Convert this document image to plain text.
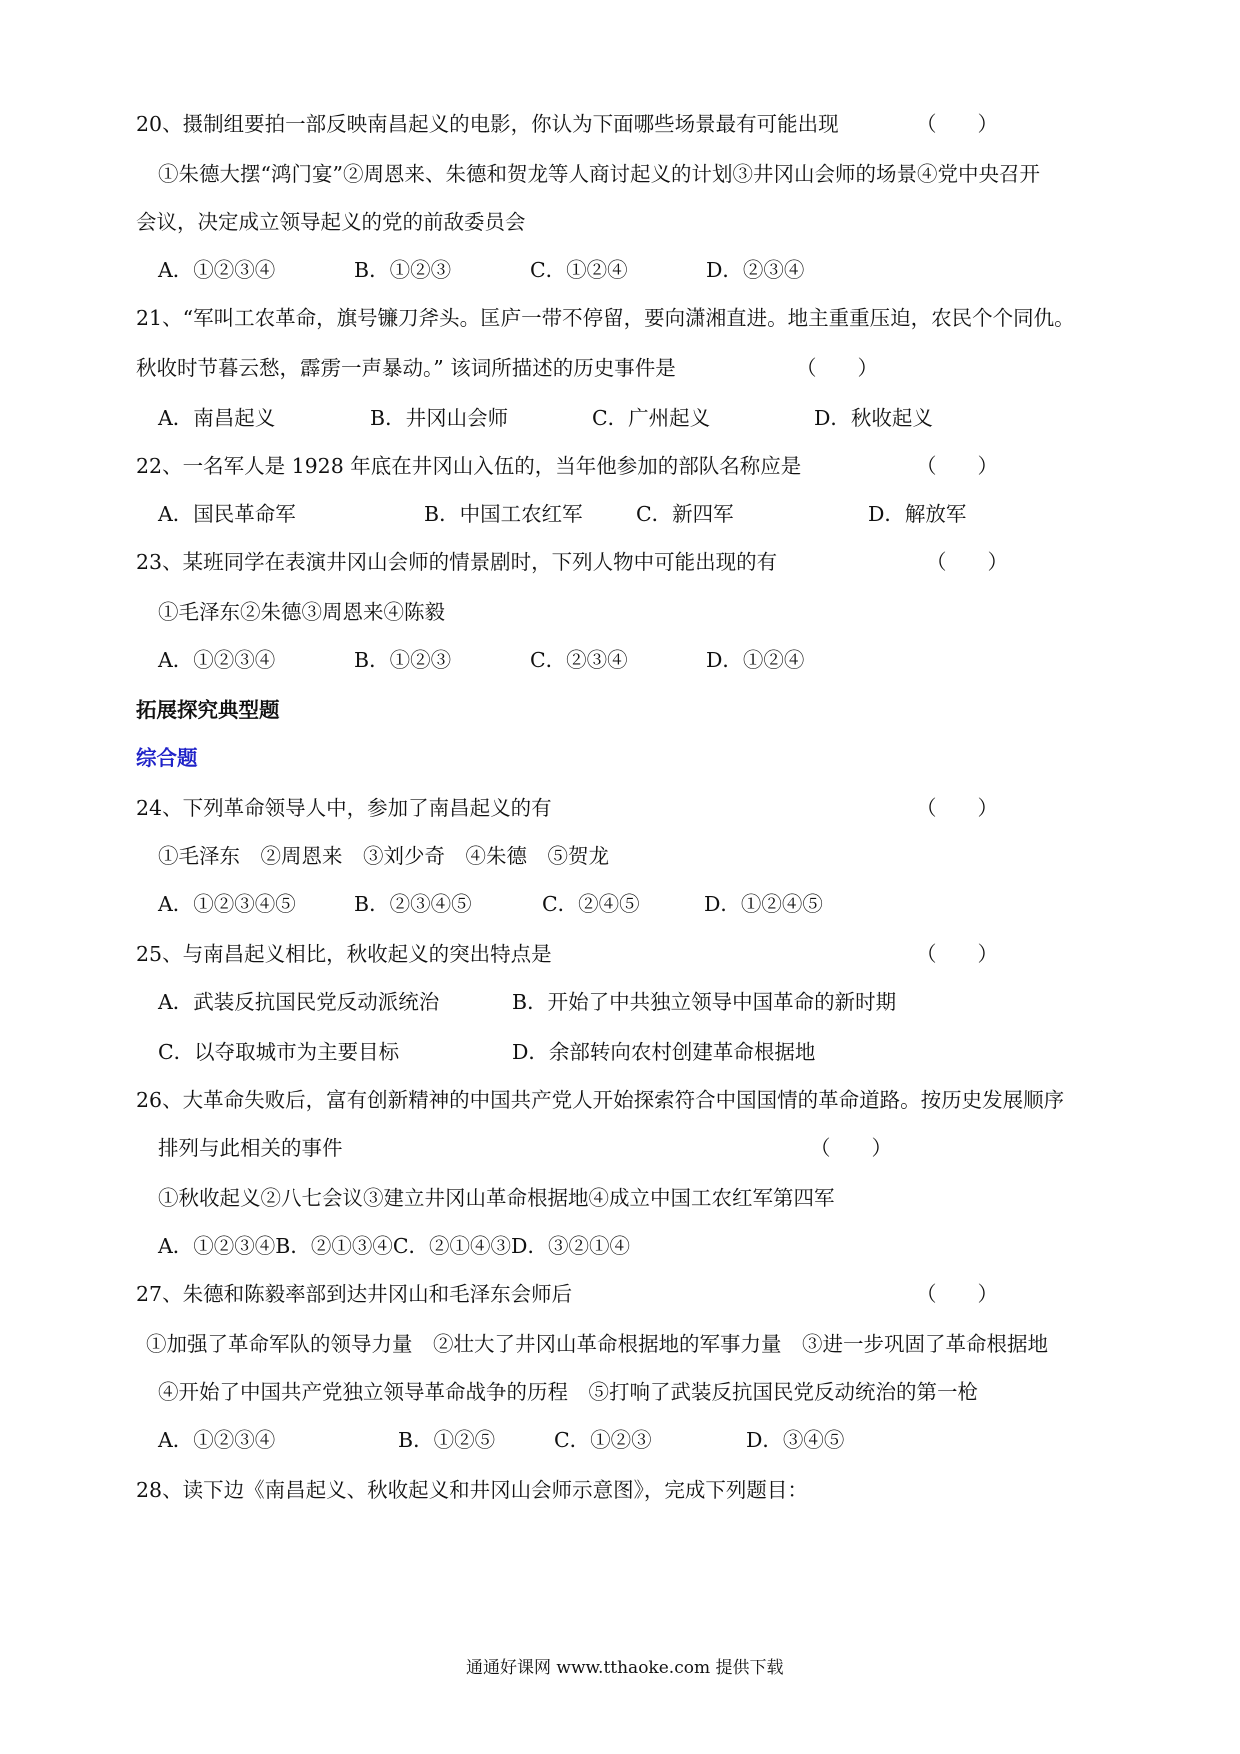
20、摄制组要拍一部反映南昌起义的电影，你认为下面哪些场景最有可能出现	（　　）
①朱德大摆“鸿门宴”②周恩来、朱德和贺龙等人商讨起义的计划③井冈山会师的场景④党中央召开
会议，决定成立领导起义的党的前敌委员会
A．①②③④	B．①②③	C．①②④	D．②③④
21、“军叫工农革命，旗号镰刀斧头。匡庐一带不停留，要向潇湘直进。地主重重压迫，农民个个同仇。
秋收时节暮云愁，霹雳一声暴动。” 该词所描述的历史事件是	（　　）
A．南昌起义	B．井冈山会师	C．广州起义	D．秋收起义
22、一名军人是 1928 年底在井冈山入伍的，当年他参加的部队名称应是	（　　）
A．国民革命军	B．中国工农红军	C．新四军	D．解放军
23、某班同学在表演井冈山会师的情景剧时，下列人物中可能出现的有	（　　）
①毛泽东②朱德③周恩来④陈毅
A．①②③④	B．①②③	C．②③④	D．①②④
拓展探究典型题
综合题
24、下列革命领导人中，参加了南昌起义的有	（　　）
①毛泽东　②周恩来　③刘少奇　④朱德　⑤贺龙
A．①②③④⑤	B．②③④⑤	C．②④⑤	D．①②④⑤
25、与南昌起义相比，秋收起义的突出特点是	（　　）
A．武装反抗国民党反动派统治	B．开始了中共独立领导中国革命的新时期
C．以夺取城市为主要目标	D．余部转向农村创建革命根据地
26、大革命失败后，富有创新精神的中国共产党人开始探索符合中国国情的革命道路。按历史发展顺序
排列与此相关的事件	（　　）
①秋收起义②八七会议③建立井冈山革命根据地④成立中国工农红军第四军
A．①②③④B．②①③④C．②①④③D．③②①④
27、朱德和陈毅率部到达井冈山和毛泽东会师后	（　　）
①加强了革命军队的领导力量　②壮大了井冈山革命根据地的军事力量　③进一步巩固了革命根据地
④开始了中国共产党独立领导革命战争的历程　⑤打响了武装反抗国民党反动统治的第一枪
A．①②③④	B．①②⑤	C．①②③	D．③④⑤
28、读下边《南昌起义、秋收起义和井冈山会师示意图》，完成下列题目：
通通好课网 www.tthaoke.com 提供下载
